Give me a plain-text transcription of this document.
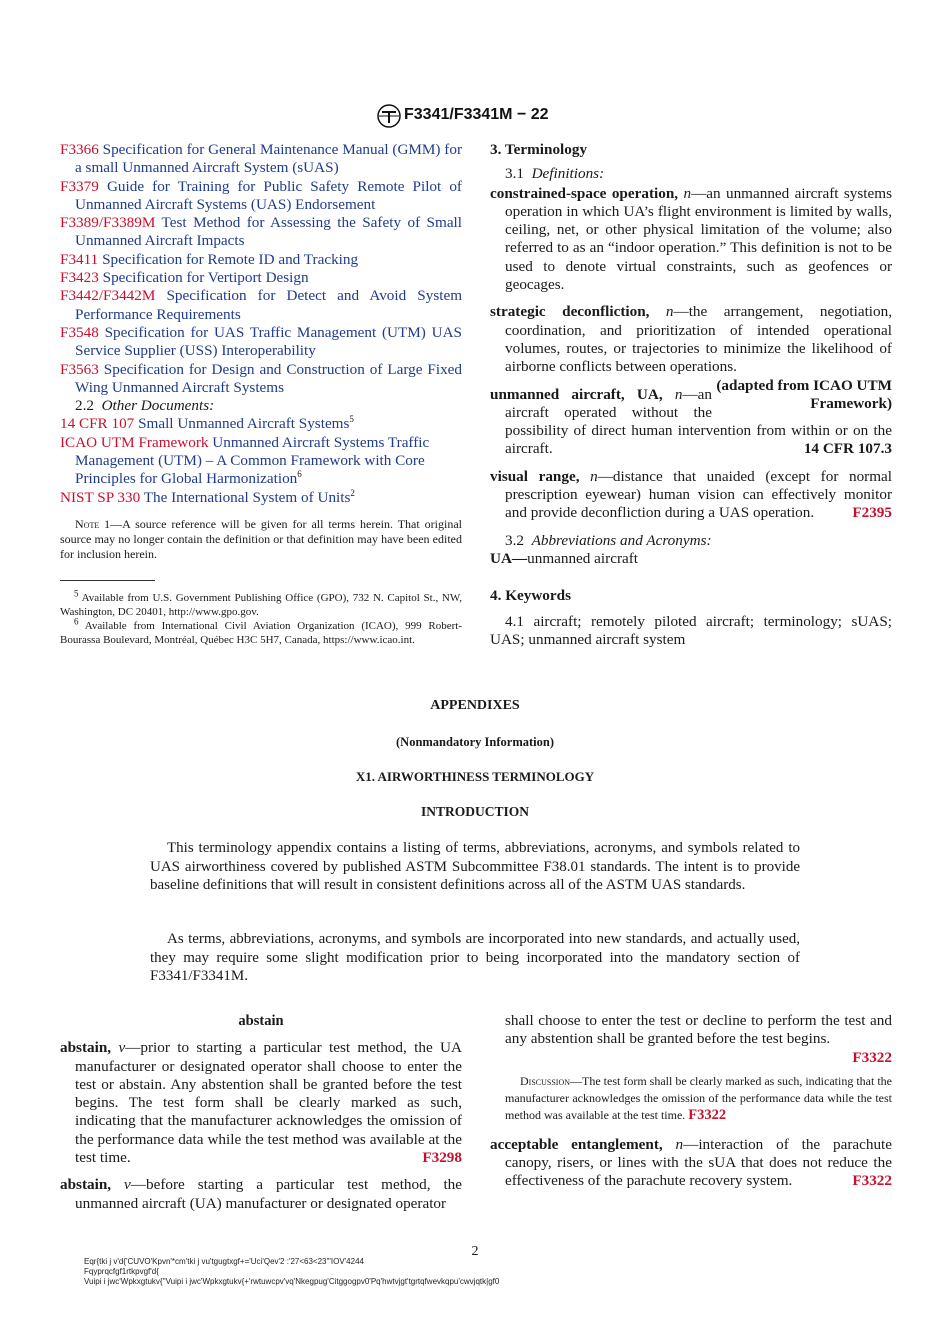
F3341/F3341M − 22
F3366 Specification for General Maintenance Manual (GMM) for a small Unmanned Aircraft System (sUAS)
F3379 Guide for Training for Public Safety Remote Pilot of Unmanned Aircraft Systems (UAS) Endorsement
F3389/F3389M Test Method for Assessing the Safety of Small Unmanned Aircraft Impacts
F3411 Specification for Remote ID and Tracking
F3423 Specification for Vertiport Design
F3442/F3442M Specification for Detect and Avoid System Performance Requirements
F3548 Specification for UAS Traffic Management (UTM) UAS Service Supplier (USS) Interoperability
F3563 Specification for Design and Construction of Large Fixed Wing Unmanned Aircraft Systems
2.2 Other Documents:
14 CFR 107 Small Unmanned Aircraft Systems$^5$
ICAO UTM Framework Unmanned Aircraft Systems Traffic Management (UTM) – A Common Framework with Core Principles for Global Harmonization$^6$
NIST SP 330 The International System of Units$^2$
Note 1—A source reference will be given for all terms herein. That original source may no longer contain the definition or that definition may have been edited for inclusion herein.
$^5$ Available from U.S. Government Publishing Office (GPO), 732 N. Capitol St., NW, Washington, DC 20401, http://www.gpo.gov.
$^6$ Available from International Civil Aviation Organization (ICAO), 999 Robert-Bourassa Boulevard, Montréal, Québec H3C 5H7, Canada, https://www.icao.int.
3. Terminology
3.1 Definitions:
constrained-space operation, n—an unmanned aircraft systems operation in which UA’s flight environment is limited by walls, ceiling, net, or other physical limitation of the volume; also referred to as an “indoor operation.” This definition is not to be used to denote virtual constraints, such as geofences or geocages.
strategic deconfliction, n—the arrangement, negotiation, coordination, and prioritization of intended operational volumes, routes, or trajectories to minimize the likelihood of airborne conflicts between operations.
(adapted from ICAO UTM Framework)
unmanned aircraft, UA, n—an aircraft operated without the possibility of direct human intervention from within or on the aircraft.	14 CFR 107.3
visual range, n—distance that unaided (except for normal prescription eyewear) human vision can effectively monitor and provide deconfliction during a UAS operation.	F2395
3.2 Abbreviations and Acronyms:
UA—unmanned aircraft
4. Keywords
4.1 aircraft; remotely piloted aircraft; terminology; sUAS; UAS; unmanned aircraft system
APPENDIXES
(Nonmandatory Information)
X1. AIRWORTHINESS TERMINOLOGY
INTRODUCTION
This terminology appendix contains a listing of terms, abbreviations, acronyms, and symbols related to UAS airworthiness covered by published ASTM Subcommittee F38.01 standards. The intent is to provide baseline definitions that will result in consistent definitions across all of the ASTM UAS standards.
As terms, abbreviations, acronyms, and symbols are incorporated into new standards, and actually used, they may require some slight modification prior to being incorporated into the mandatory section of F3341/F3341M.
abstain
abstain, v—prior to starting a particular test method, the UA manufacturer or designated operator shall choose to enter the test or abstain. Any abstention shall be granted before the test begins. The test form shall be clearly marked as such, indicating that the manufacturer acknowledges the omission of the performance data while the test method was available at the test time.	F3298
abstain, v—before starting a particular test method, the unmanned aircraft (UA) manufacturer or designated operator
shall choose to enter the test or decline to perform the test and any abstention shall be granted before the test begins.
F3322
Discussion—The test form shall be clearly marked as such, indicating that the manufacturer acknowledges the omission of the performance data while the test method was available at the test time. F3322
acceptable entanglement, n—interaction of the parachute canopy, risers, or lines with the sUA that does not reduce the effectiveness of the parachute recovery system.	F3322
2
Eqr{tki j v'd{'CUVO'Kpvn'*cm'tki j vu'tgugtxgf+='Uci'Qev'2 :'27<63<23'"IOV'4244
Fqyprqcfgf1rtkpvgf'd{
Vuipi i jwc'Wpkxgtukv{''Vuipi i jwc'Wpkxgtukv{+'rwtuwcpv'vq'Nkegpug'Citggogpv0'Pq'hwtvjgt'tgrtqfwevkqpu'cwvjqtk|gf0
